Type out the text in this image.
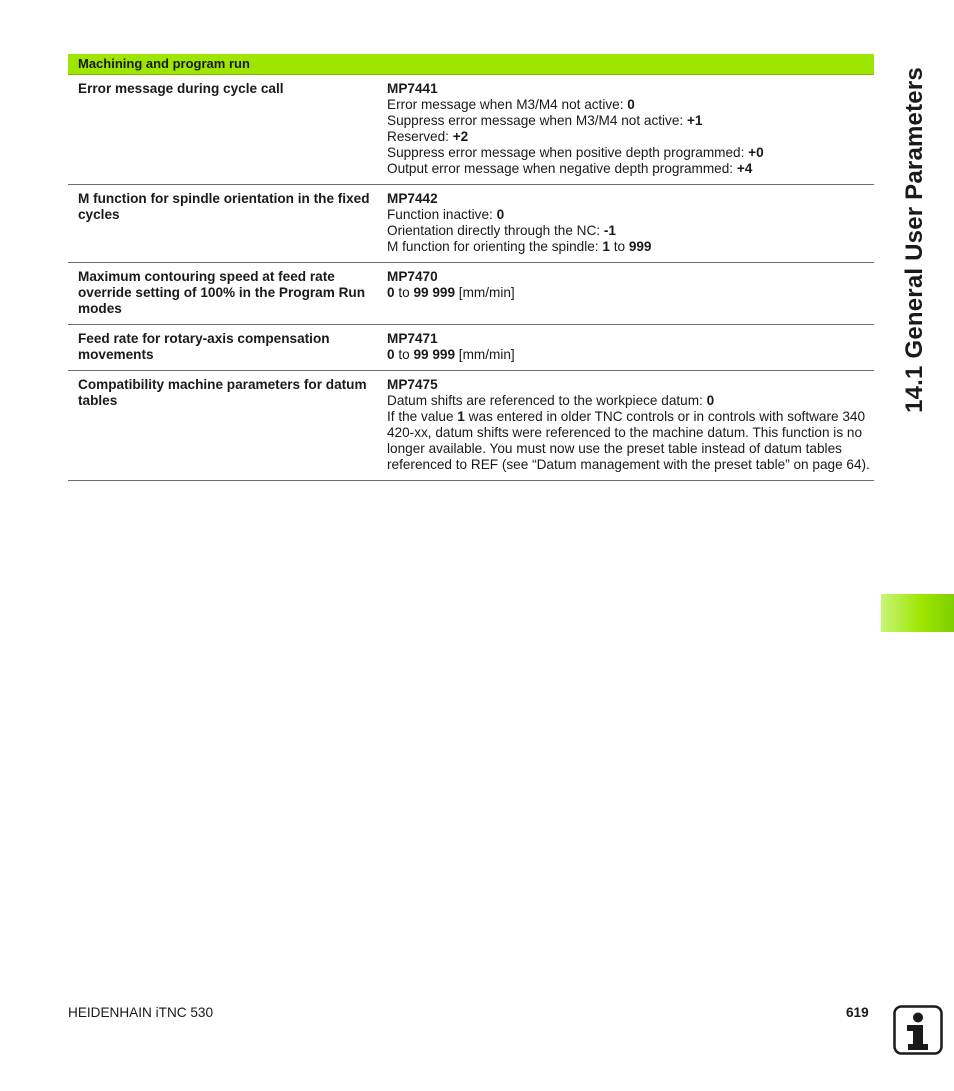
Machining and program run
Error message during cycle call	MP7441
Error message when M3/M4 not active: 0
Suppress error message when M3/M4 not active: +1
Reserved: +2
Suppress error message when positive depth programmed: +0
Output error message when negative depth programmed: +4
M function for spindle orientation in the fixed cycles
MP7442
Function inactive: 0
Orientation directly through the NC: -1
M function for orienting the spindle: 1 to 999
Maximum contouring speed at feed rate override setting of 100% in the Program Run modes
MP7470
0 to 99 999 [mm/min]
Feed rate for rotary-axis compensation movements
MP7471
0 to 99 999 [mm/min]
Compatibility machine parameters for datum tables
MP7475
Datum shifts are referenced to the workpiece datum: 0
If the value 1 was entered in older TNC controls or in controls with software 340 420-xx, datum shifts were referenced to the machine datum. This function is no longer available. You must now use the preset table instead of datum tables referenced to REF (see “Datum management with the preset table” on page 64).
14.1 General User Parameters
HEIDENHAIN iTNC 530	619
